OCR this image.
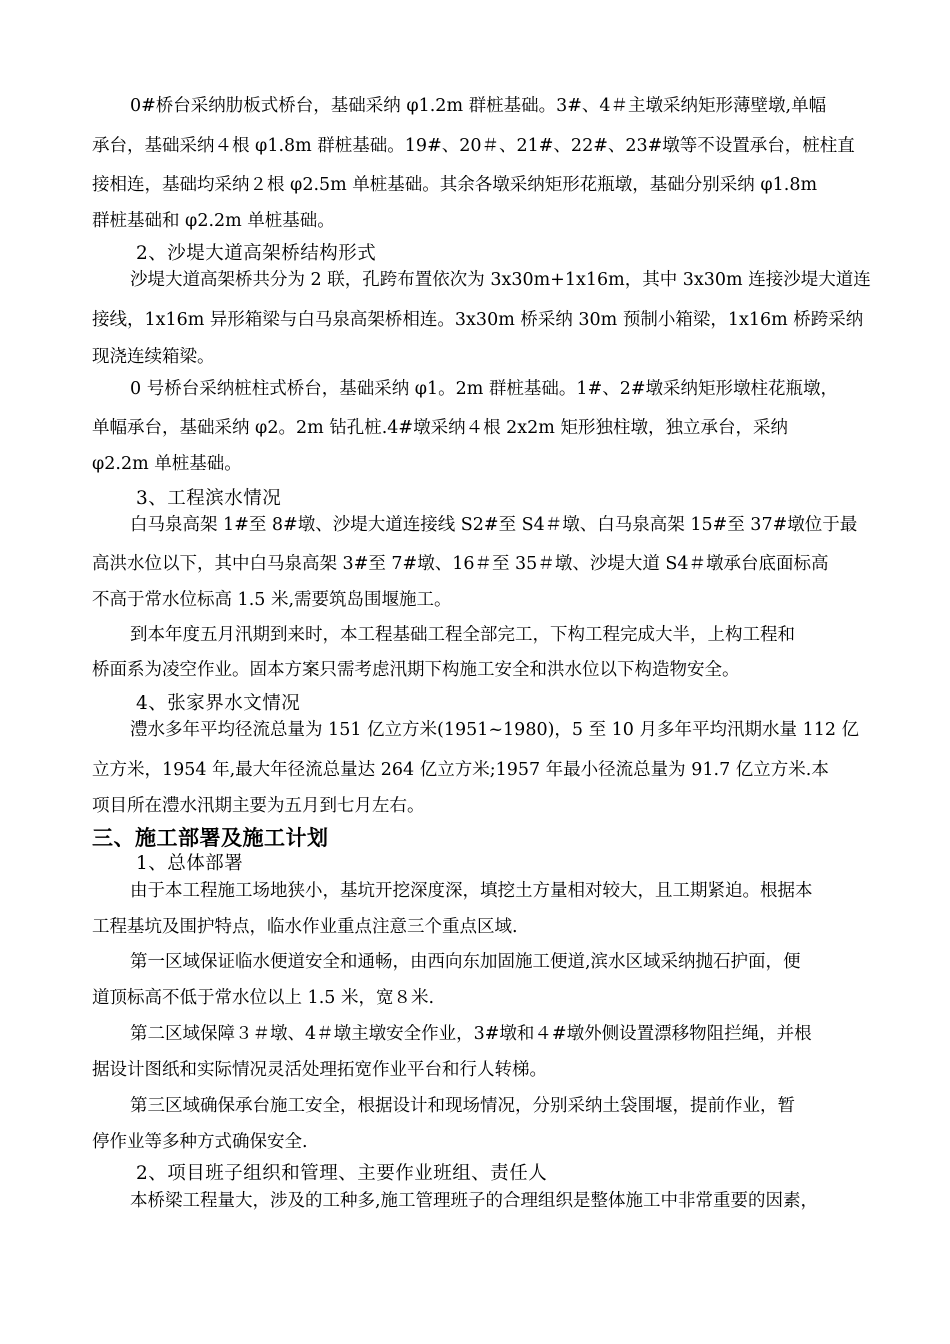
0#桥台采纳肋板式桥台，基础采纳 φ1.2m 群桩基础。3#、4＃主墩采纳矩形薄壁墩,单幅
承台，基础采纳４根 φ1.8m 群桩基础。19#、20＃、21#、22#、23#墩等不设置承台，桩柱直
接相连，基础均采纳２根 φ2.5m 单桩基础。其余各墩采纳矩形花瓶墩，基础分别采纳 φ1.8m
群桩基础和 φ2.2m 单桩基础。
2、沙堤大道高架桥结构形式
沙堤大道高架桥共分为 2 联，孔跨布置依次为 3x30m+1x16m，其中 3x30m 连接沙堤大道连
接线，1x16m 异形箱梁与白马泉高架桥相连。3x30m 桥采纳 30m 预制小箱梁，1x16m 桥跨采纳
现浇连续箱梁。
0 号桥台采纳桩柱式桥台，基础采纳 φ1。2m 群桩基础。1#、2#墩采纳矩形墩柱花瓶墩，
单幅承台，基础采纳 φ2。2m 钻孔桩.4#墩采纳４根 2x2m 矩形独柱墩，独立承台，采纳
φ2.2m 单桩基础。
3、工程滨水情况
白马泉高架 1#至 8#墩、沙堤大道连接线 S2#至 S4＃墩、白马泉高架 15#至 37#墩位于最
高洪水位以下，其中白马泉高架 3#至 7#墩、16＃至 35＃墩、沙堤大道 S4＃墩承台底面标高
不高于常水位标高 1.5 米,需要筑岛围堰施工。
到本年度五月汛期到来时，本工程基础工程全部完工，下构工程完成大半，上构工程和
桥面系为凌空作业。固本方案只需考虑汛期下构施工安全和洪水位以下构造物安全。
4、张家界水文情况
澧水多年平均径流总量为 151 亿立方米(1951~1980)，5 至 10 月多年平均汛期水量 112 亿
立方米，1954 年,最大年径流总量达 264 亿立方米;1957 年最小径流总量为 91.7 亿立方米.本
项目所在澧水汛期主要为五月到七月左右。
三、施工部署及施工计划
1、总体部署
由于本工程施工场地狭小，基坑开挖深度深，填挖土方量相对较大，且工期紧迫。根据本
工程基坑及围护特点，临水作业重点注意三个重点区域.
第一区域保证临水便道安全和通畅，由西向东加固施工便道,滨水区域采纳抛石护面，便
道顶标高不低于常水位以上 1.5 米，宽８米.
第二区域保障３＃墩、4＃墩主墩安全作业，3#墩和４#墩外侧设置漂移物阻拦绳，并根
据设计图纸和实际情况灵活处理拓宽作业平台和行人转梯。
第三区域确保承台施工安全，根据设计和现场情况，分别采纳土袋围堰，提前作业，暂
停作业等多种方式确保安全.
2、项目班子组织和管理、主要作业班组、责任人
本桥梁工程量大，涉及的工种多,施工管理班子的合理组织是整体施工中非常重要的因素，
